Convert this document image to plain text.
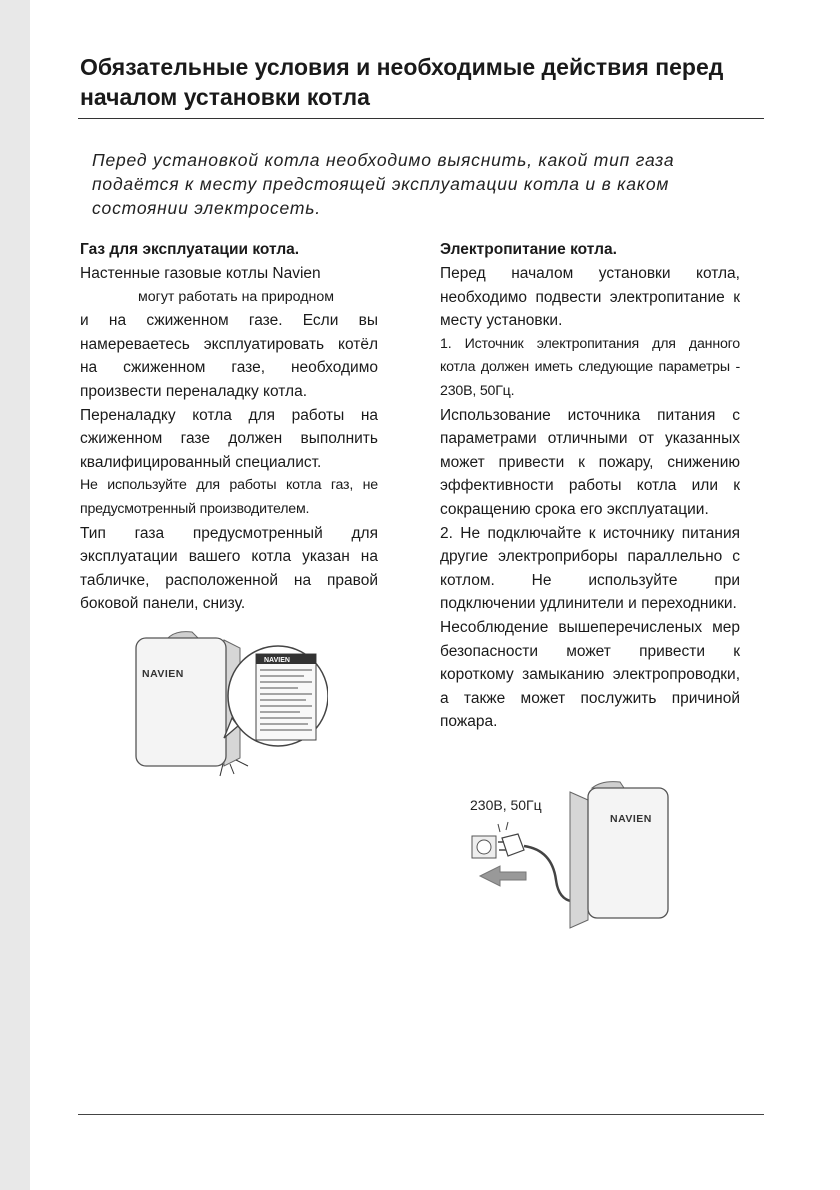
Обязательные условия и необходимые действия перед началом установки котла

Перед установкой котла необходимо выяснить, какой тип газа подаётся к месту предстоящей эксплуатации котла и в каком состоянии электросеть.

Газ для эксплуатации котла.

Настенные газовые котлы Navien

могут работать на природном

и на сжиженном газе. Если вы намереваетесь эксплуатировать котёл на сжиженном газе, необходимо произвести переналадку котла.

Переналадку котла для работы на сжиженном газе должен выполнить квалифицированный специалист.

Не используйте для работы котла газ, не предусмотренный производителем.

Тип газа предусмотренный для эксплуатации вашего котла указан на табличке, расположенной на правой боковой панели, снизу.

Электропитание котла.

Перед началом установки котла, необходимо подвести электропитание к месту установки.

1. Источник электропитания для данного котла должен иметь следующие параметры - 230В, 50Гц.

Использование источника питания с параметрами отличными от указанных может привести к пожару, снижению эффективности работы котла или к сокращению срока его эксплуатации.

2. Не подключайте к источнику питания другие электроприборы параллельно с котлом. Не используйте при подключении удлинители и переходники.

Несоблюдение вышеперечисленых мер безопасности может привести к короткому замыканию электропроводки, а также может послужить причиной пожара.

NAVIEN
NAVIEN
230В, 50Гц
NAVIEN
